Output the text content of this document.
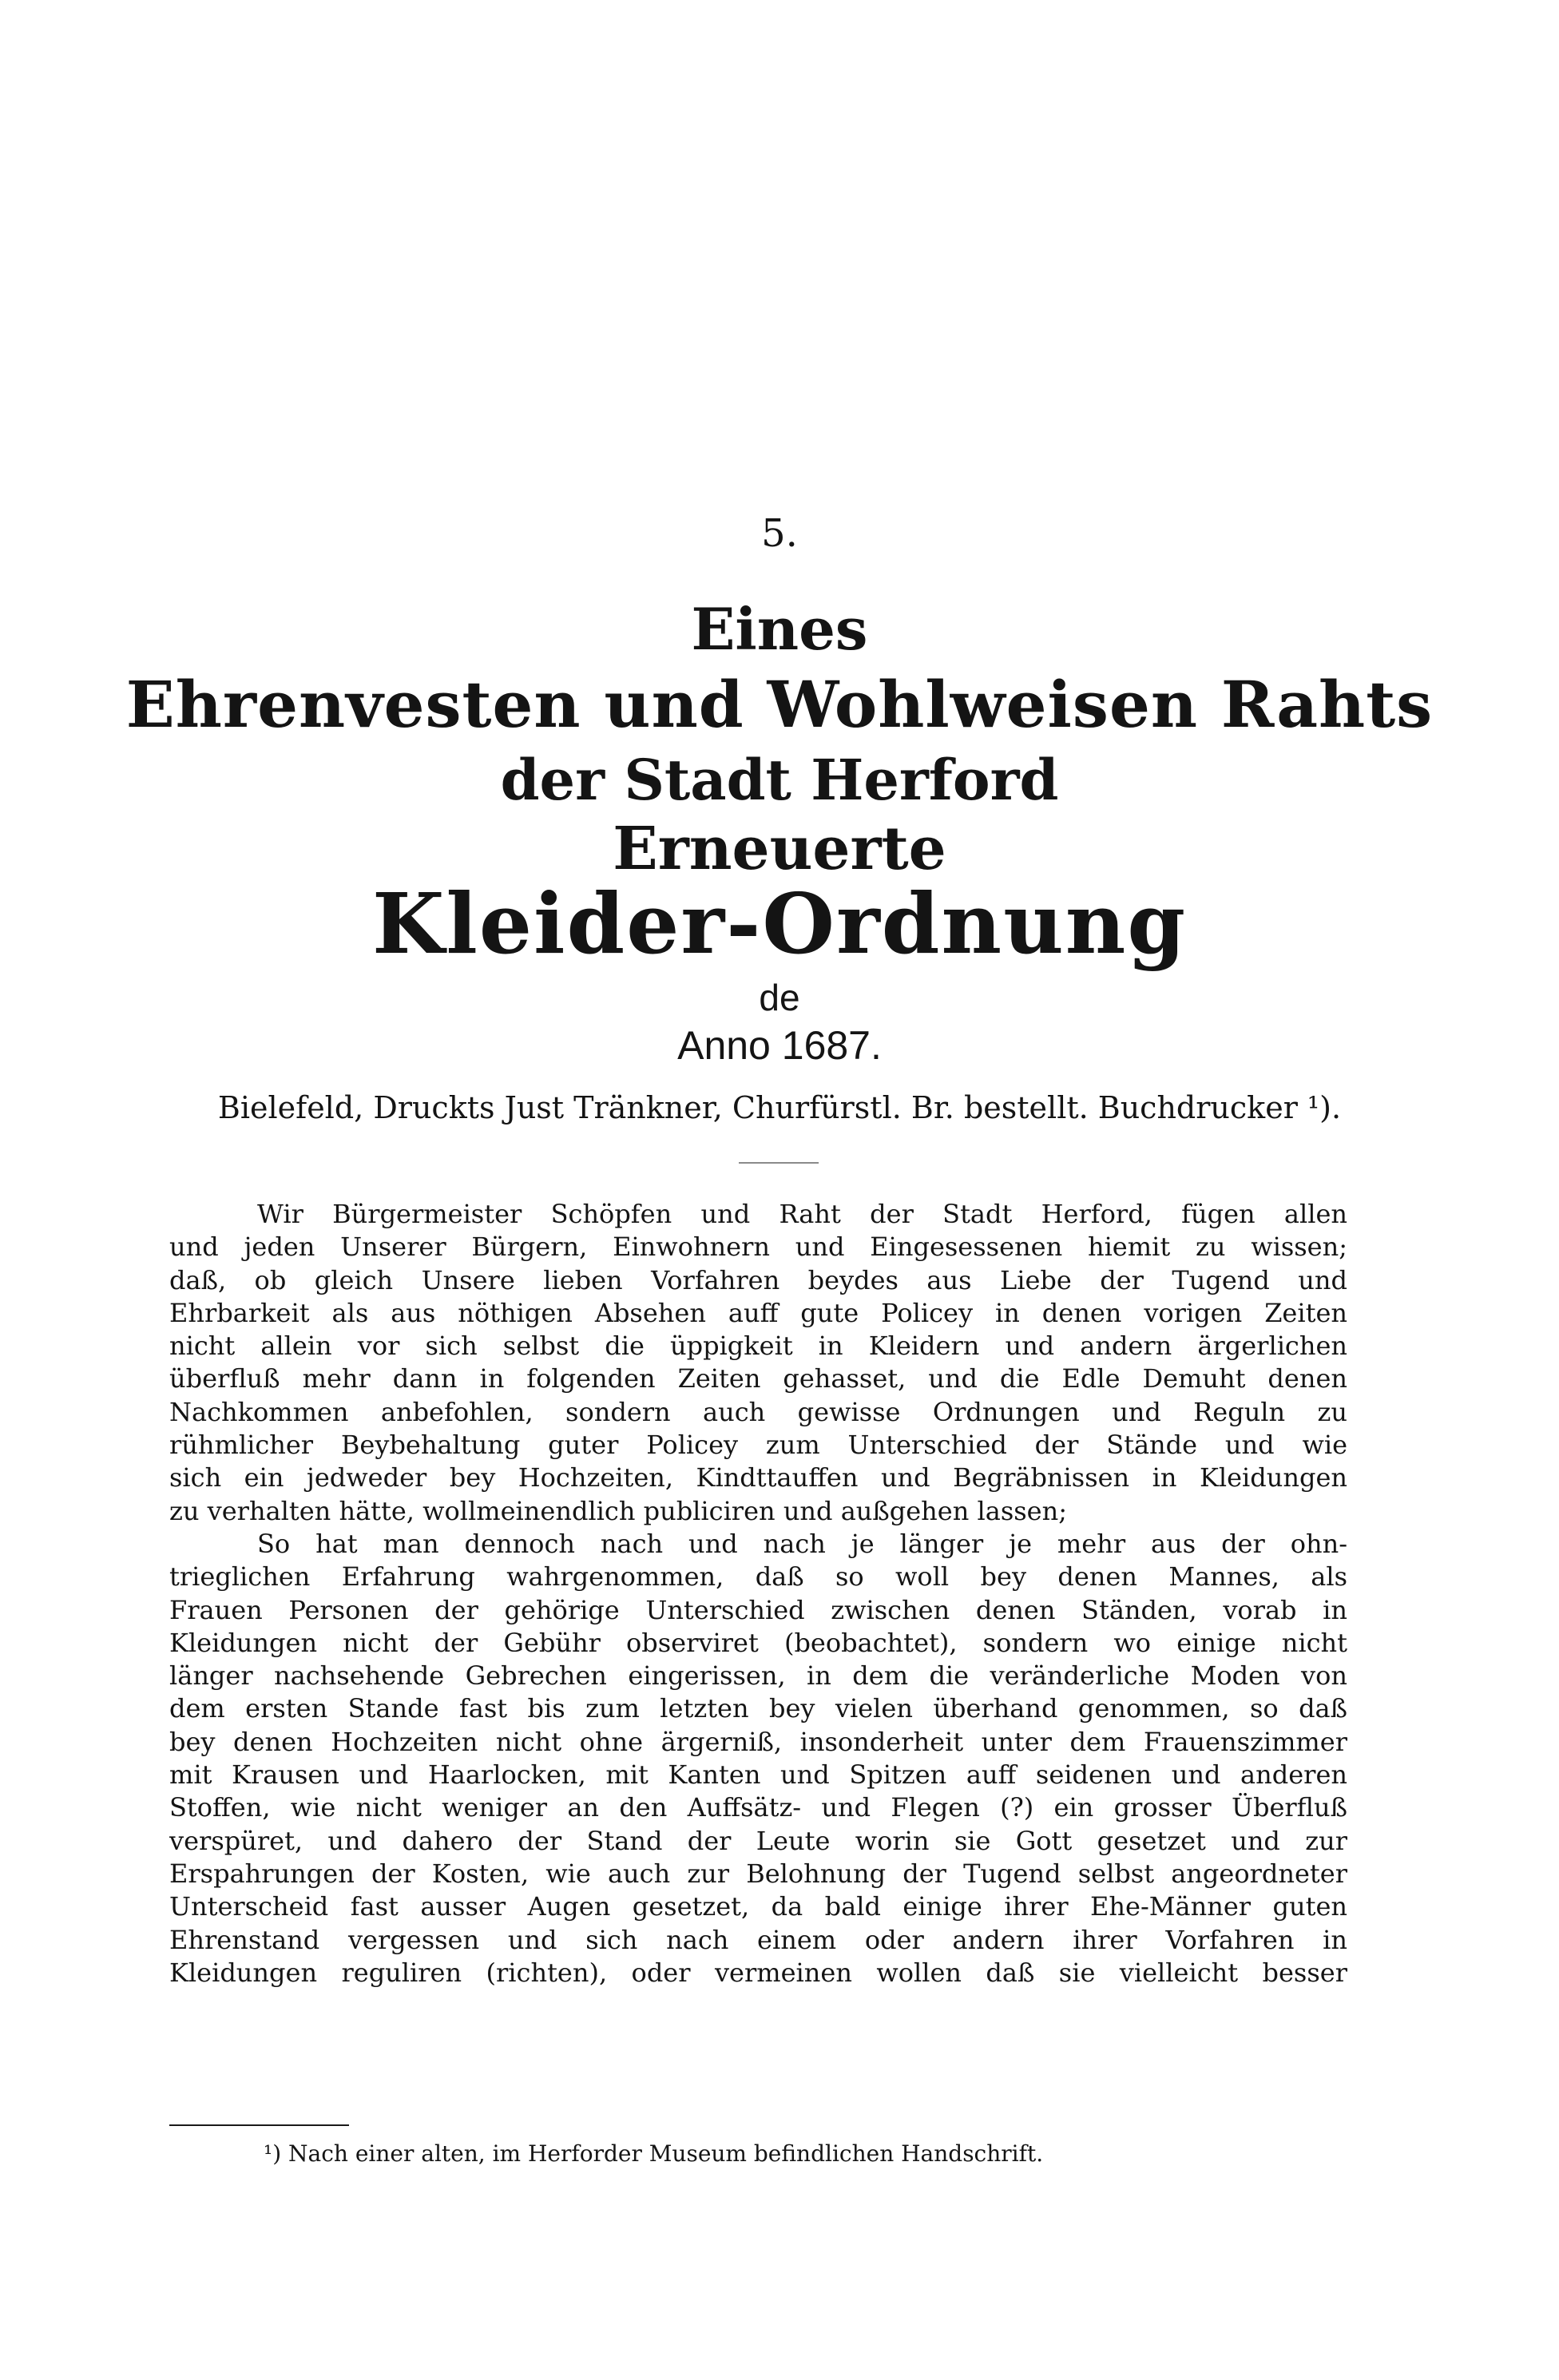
5.
Eines
Ehrenvesten und Wohlweisen Rahts
der Stadt Herford
Erneuerte
Kleider-Ordnung
de
Anno 1687.
Bielefeld, Druckts Just Tränkner, Churfürstl. Br. bestellt. Buchdrucker ¹).
Wir Bürgermeister Schöpfen und Raht der Stadt Herford, fügen allen
und jeden Unserer Bürgern, Einwohnern und Eingesessenen hiemit zu wissen;
daß, ob gleich Unsere lieben Vorfahren beydes aus Liebe der Tugend und
Ehrbarkeit als aus nöthigen Absehen auff gute Policey in denen vorigen Zeiten
nicht allein vor sich selbst die üppigkeit in Kleidern und andern ärgerlichen
überfluß mehr dann in folgenden Zeiten gehasset, und die Edle Demuht denen
Nachkommen anbefohlen, sondern auch gewisse Ordnungen und Reguln zu
rühmlicher Beybehaltung guter Policey zum Unterschied der Stände und wie
sich ein jedweder bey Hochzeiten, Kindttauffen und Begräbnissen in Kleidungen
zu verhalten hätte, wollmeinendlich publiciren und außgehen lassen;
So hat man dennoch nach und nach je länger je mehr aus der ohn-
trieglichen Erfahrung wahrgenommen, daß so woll bey denen Mannes, als
Frauen Personen der gehörige Unterschied zwischen denen Ständen, vorab in
Kleidungen nicht der Gebühr observiret (beobachtet), sondern wo einige nicht
länger nachsehende Gebrechen eingerissen, in dem die veränderliche Moden von
dem ersten Stande fast bis zum letzten bey vielen überhand genommen, so daß
bey denen Hochzeiten nicht ohne ärgerniß, insonderheit unter dem Frauenszimmer
mit Krausen und Haarlocken, mit Kanten und Spitzen auff seidenen und anderen
Stoffen, wie nicht weniger an den Auffsätz- und Flegen (?) ein grosser Überfluß
verspüret, und dahero der Stand der Leute worin sie Gott gesetzet und zur
Erspahrungen der Kosten, wie auch zur Belohnung der Tugend selbst angeordneter
Unterscheid fast ausser Augen gesetzet, da bald einige ihrer Ehe-Männer guten
Ehrenstand vergessen und sich nach einem oder andern ihrer Vorfahren in
Kleidungen reguliren (richten), oder vermeinen wollen daß sie vielleicht besser
¹) Nach einer alten, im Herforder Museum befindlichen Handschrift.
